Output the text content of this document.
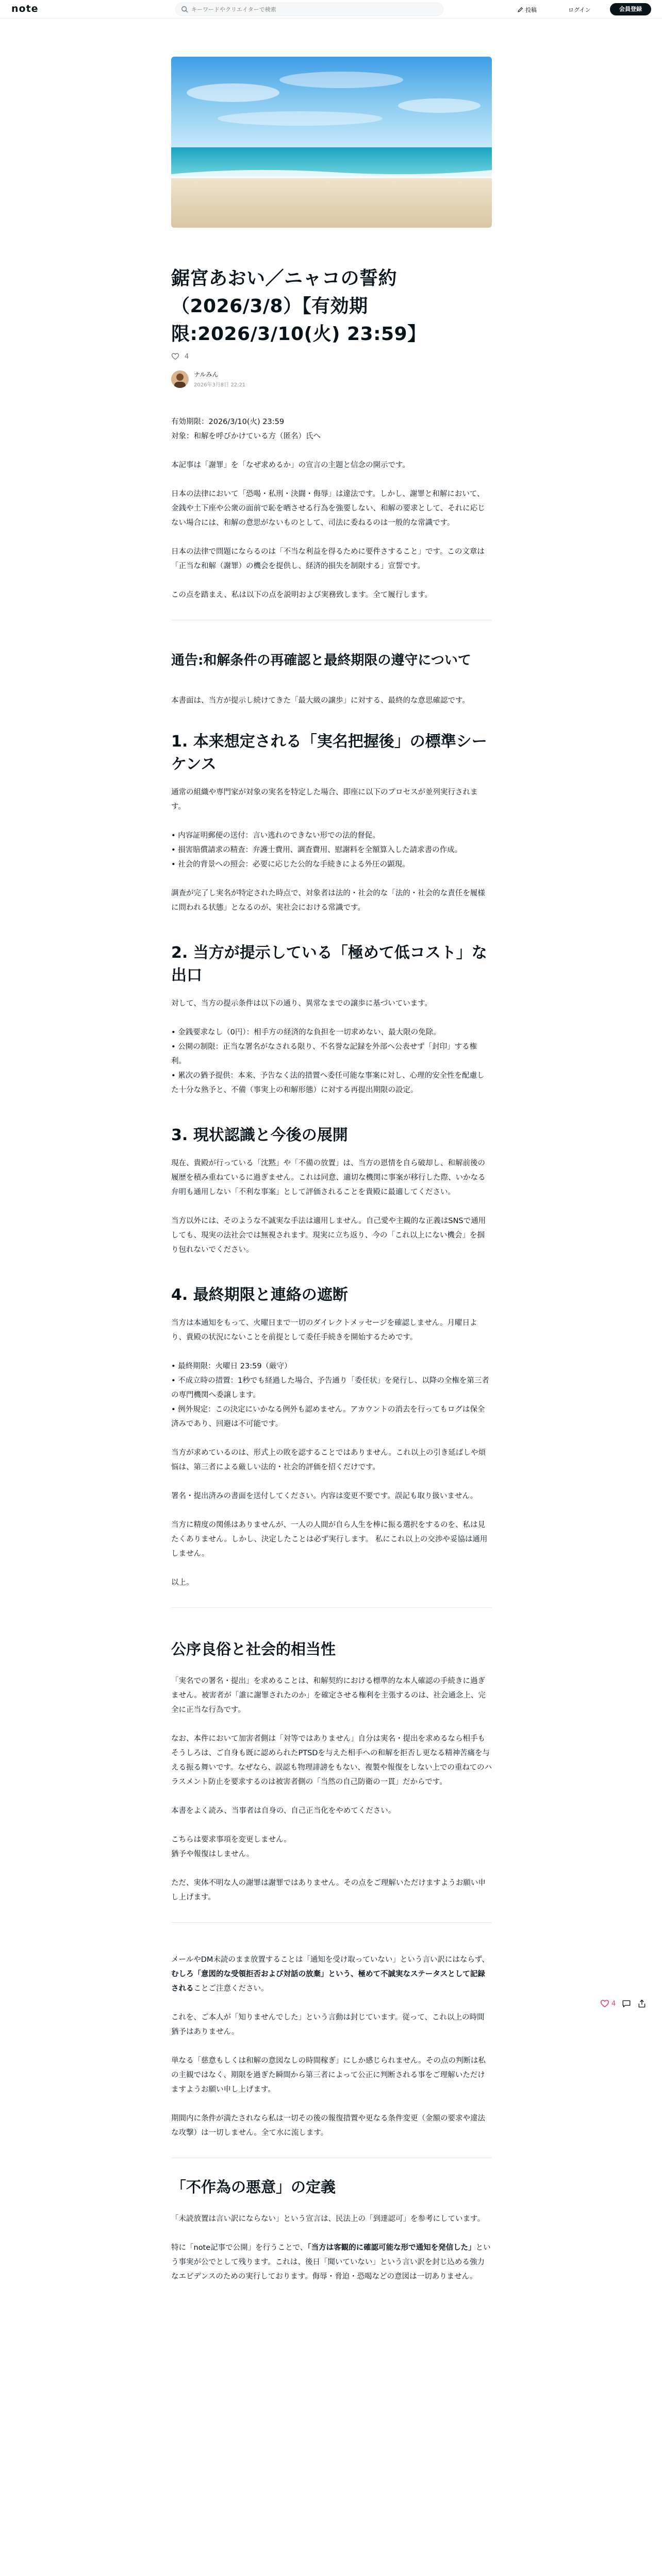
note
キーワードやクリエイターで検索	投稿	ログイン	会員登録
鋸宮あおい／ニャコの誓約（2026/3/8）【有効期限:2026/3/10(火) 23:59】
4
ナルみん
2026年3月8日 22:21

有効期限：2026/3/10(火) 23:59

対象：和解を呼びかけている方（匿名）氏へ

本記事は「謝罪」を「なぜ求めるか」の宣言の主題と信念の開示です。

日本の法律において「恐喝・私刑・決闘・侮辱」は違法です。しかし、謝罪と和解において、金銭や土下座や公衆の面前で恥を晒させる行為を強要しない、和解の要求として、それに応じない場合には、和解の意思がないものとして、司法に委ねるのは一般的な常識です。

日本の法律で問題にならるのは「不当な利益を得るために要件さすること」です。この文章は「正当な和解（謝罪）の機会を提供し、経済的損失を制限する」宣誓です。

この点を踏まえ、私は以下の点を説明および実務致します。全て履行します。

通告:和解条件の再確認と最終期限の遵守について

本書面は、当方が提示し続けてきた「最大級の譲歩」に対する、最終的な意思確認です。

1. 本来想定される「実名把握後」の標準シーケンス

通常の組織や専門家が対象の実名を特定した場合、即座に以下のプロセスが並列実行されます。

• 内容証明郵便の送付：言い逃れのできない形での法的督促。

• 損害賠償請求の精査：弁護士費用、調査費用、慰謝料を全額算入した請求書の作成。

• 社会的背景への照会：必要に応じた公的な手続きによる外圧の顕現。

調査が完了し実名が特定された時点で、対象者は法的・社会的な「法的・社会的な責任を履様に問われる状態」となるのが、実社会における常識です。

2. 当方が提示している「極めて低コスト」な出口

対して、当方の提示条件は以下の通り、異常なまでの譲歩に基づいています。

• 金銭要求なし（0円）：相手方の経済的な負担を一切求めない、最大限の免除。

• 公開の制限：正当な署名がなされる限り、不名誉な記録を外部へ公表せず「封印」する権利。

• 累次の猶予提供：本来、予告なく法的措置へ委任可能な事案に対し、心理的安全性を配慮した十分な熟予と、不備（事実上の和解形態）に対する再提出期限の設定。

3. 現状認識と今後の展開

現在、貴殿が行っている「沈黙」や「不備の放置」は、当方の恩情を自ら破却し、和解前後の履歴を積み重ねているに過ぎません。これは同意、適切な機関に事案が移行した際、いかなる弁明も通用しない「不利な事案」として評価されることを貴殿に最適してください。

当方以外には、そのような不誠実な手法は適用しません。自己愛や主観的な正義はSNSで通用しても、現実の法社会では無視されます。現実に立ち返り、今の「これ以上にない機会」を掴り包れないでください。

4. 最終期限と連絡の遮断

当方は本通知をもって、火曜日まで一切のダイレクトメッセージを確認しません。月曜日より、貴殿の状況にないことを前提として委任手続きを開始するためです。

• 最終期限：火曜日 23:59（厳守）

• 不成立時の措置：1秒でも経過した場合、予告通り「委任状」を発行し、以降の全権を第三者の専門機関へ委譲します。

• 例外規定：この決定にいかなる例外も認めません。アカウントの消去を行ってもログは保全済みであり、回避は不可能です。

当方が求めているのは、形式上の敗を認することではありません。これ以上の引き延ばしや煩悩は、第三者による厳しい法的・社会的評価を招くだけです。

署名・提出済みの書面を送付してください。内容は変更不要です。誤記も取り扱いません。

当方に精度の関係はありませんが、一人の人間が自ら人生を棒に振る選択をするのを、私は見たくありません。しかし、決定したことは必ず実行します。 私にこれ以上の交渉や妥協は通用しません。

以上。

公序良俗と社会的相当性

「実名での署名・提出」を求めることは、和解契約における標準的な本人確認の手続きに過ぎません。被害者が「誰に謝罪されたのか」を確定させる権利を主張するのは、社会通念上、完全に正当な行為です。

なお、本件において加害者側は「対等ではありません」自分は実名・提出を求めるなら相手もそうしろは、ご自身も既に認められたPTSDを与えた相手への和解を拒否し更なる精神苦痛を与える振る舞いです。なぜなら、誤認も物理誹謗をもない、複製や報復をしない上での重ねてのハラスメント防止を要求するのは被害者側の「当然の自己防衛の一貫」だからです。

本書をよく読み、当事者は自身の、自己正当化をやめてください。

こちらは要求事項を変更しません。

猶予や報復はしません。

ただ、実体不明な人の謝罪は謝罪ではありません。その点をご理解いただけますようお願い申し上げます。

メールやDM未読のまま放置することは「通知を受け取っていない」という言い訳にはならず、むしろ「意図的な受領拒否および対話の放棄」という、極めて不誠実なステータスとして記録されることご注意ください。

これを、ご本人が「知りませんでした」という言動は封じています。従って、これ以上の時間猶予はありません。

単なる「慈意もしくは和解の意図なしの時間稼ぎ」にしか感じられません。その点の判断は私の主観ではなく、期限を過ぎた瞬間から第三者によって公正に判断される事をご理解いただけますようお願い申し上げます。

期間内に条件が満たされなら私は一切その後の報復措置や更なる条件変更（金額の要求や違法な攻撃）は一切しません。全て水に流します。

「不作為の悪意」の定義

「未読放置は言い訳にならない」という宣言は、民法上の「到達認可」を参考にしています。

特に「note記事で公開」を行うことで、「当方は客観的に確認可能な形で通知を発信した」という事実が公でとして残ります。これは、後日「聞いていない」という言い訳を封じ込める強力なエビデンスのための実行しております。侮辱・脅迫・恐喝などの意図は一切ありません。

4
